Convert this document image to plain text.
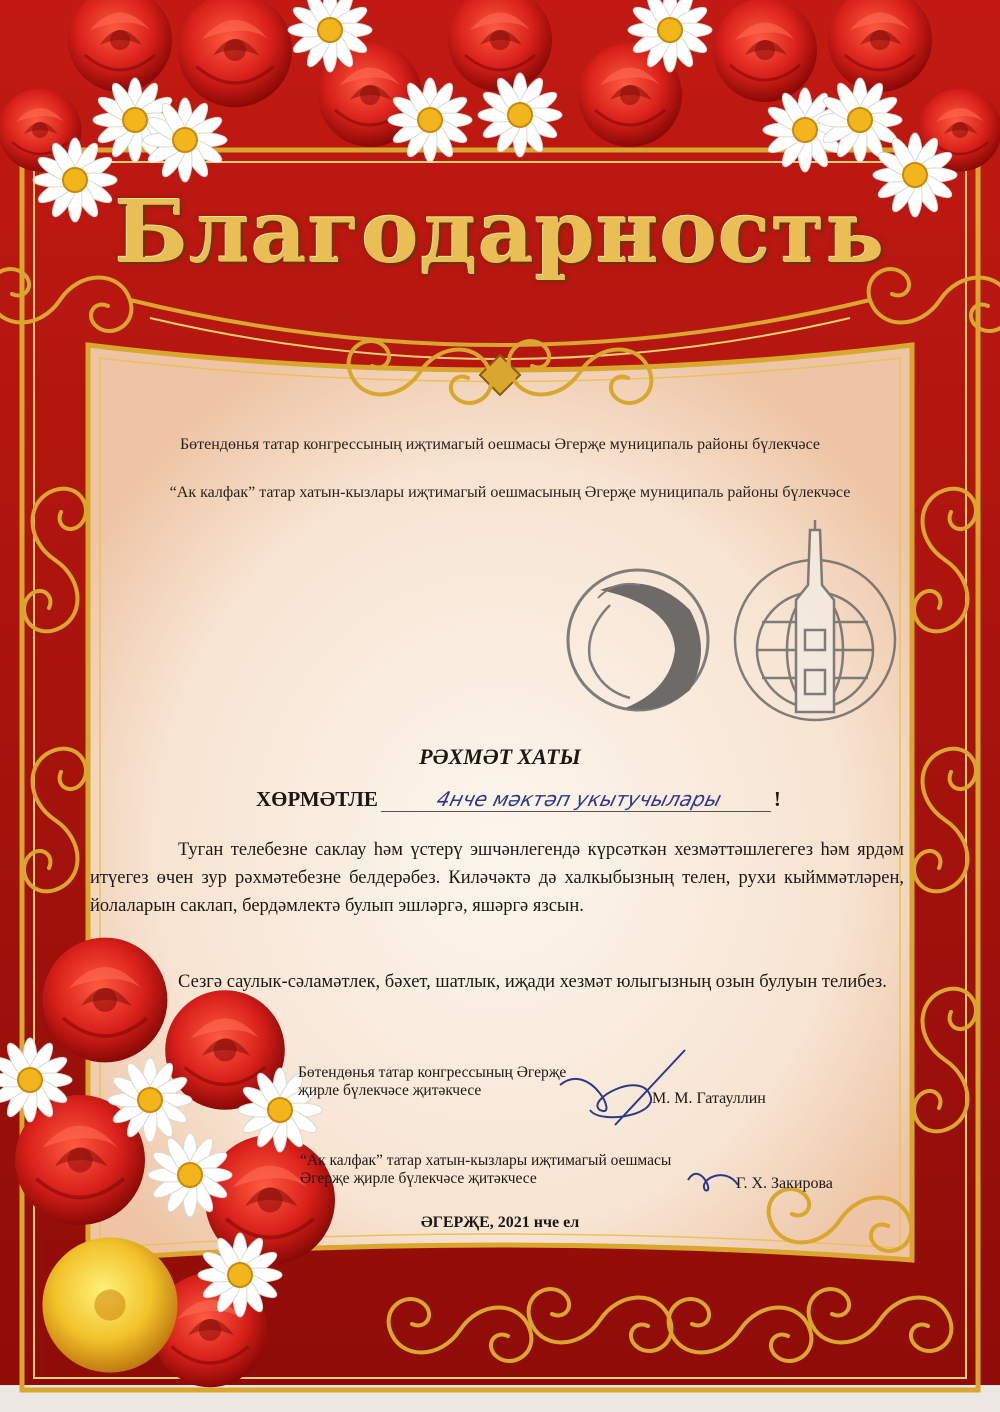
Благодарность
Бөтендөнья татар конгрессының иҗтимагый оешмасы Әгерҗе муниципаль районы бүлекчәсе
“Ак калфак” татар хатын-кызлары иҗтимагый оешмасының Әгерҗе муниципаль районы бүлекчәсе
РӘХМӘТ ХАТЫ
ХӨРМӘТЛЕ	4нче мәктәп укытучылары !
Туган телебезне саклау һәм үстерү эшчәнлегендә күрсәткән хезмәттәшлегегез һәм ярдәм итүегез өчен зур рәхмәтебезне белдерәбез. Киләчәктә дә халкыбызның телен, рухи кыйммәтләрен, йолаларын саклап, бердәмлектә булып эшләргә, яшәргә язсын.
Сезгә саулык-сәламәтлек, бәхет, шатлык, иҗади хезмәт юлыгызның озын булуын телибез.
Бөтендөнья татар конгрессының Әгерҗе җирле бүлекчәсе җитәкчесе	М. М. Гатауллин
“Ак калфак” татар хатын-кызлары иҗтимагый оешмасы Әгерҗе җирле бүлекчәсе җитәкчесе	Г. Х. Закирова
ӘГЕРҖЕ, 2021 нче ел
